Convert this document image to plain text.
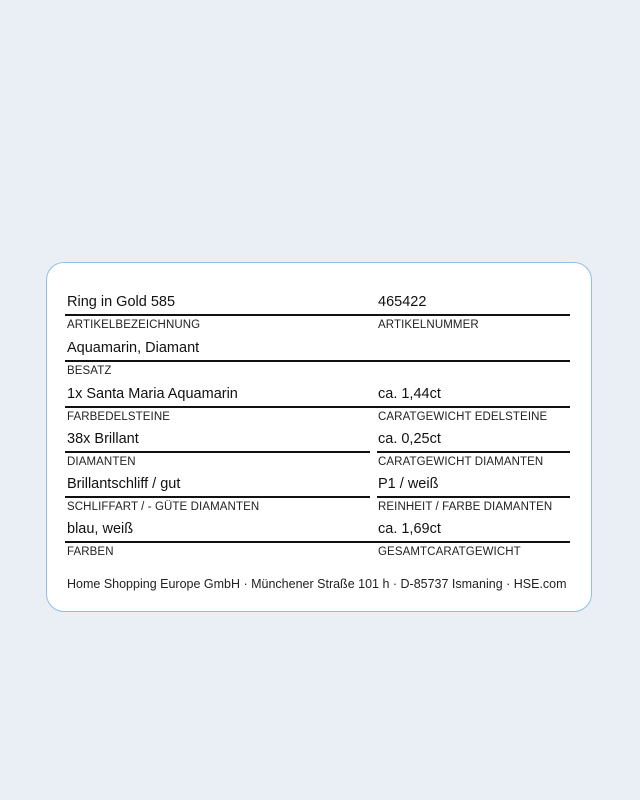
Ring in Gold 585	465422
ARTIKELBEZEICHNUNG	ARTIKELNUMMER
Aquamarin, Diamant
BESATZ
1x Santa Maria Aquamarin	ca. 1,44ct
FARBEDELSTEINE	CARATGEWICHT EDELSTEINE
38x Brillant	ca. 0,25ct
DIAMANTEN	CARATGEWICHT DIAMANTEN
Brillantschliff / gut	P1 / weiß
SCHLIFFART / - GÜTE DIAMANTEN	REINHEIT / FARBE DIAMANTEN
blau, weiß	ca. 1,69ct
FARBEN	GESAMTCARATGEWICHT
Home Shopping Europe GmbH · Münchener Straße 101 h · D-85737 Ismaning · HSE.com
